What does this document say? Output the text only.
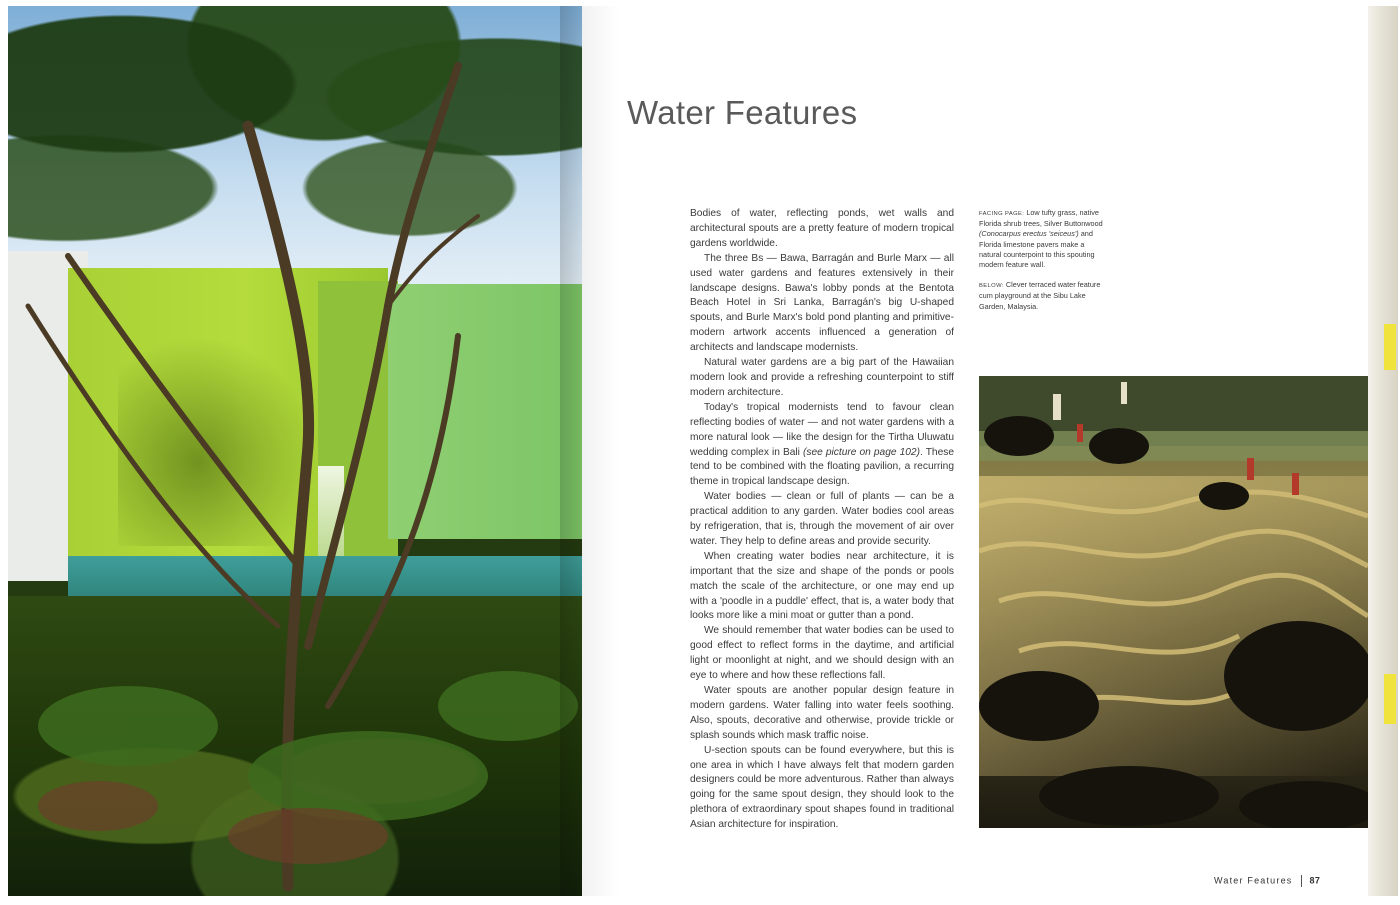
Water Features

Bodies of water, reflecting ponds, wet walls and architectural spouts are a pretty feature of modern tropical gardens worldwide.

The three Bs — Bawa, Barragán and Burle Marx — all used water gardens and features extensively in their landscape designs. Bawa's lobby ponds at the Bentota Beach Hotel in Sri Lanka, Barragán's big U-shaped spouts, and Burle Marx's bold pond planting and primitive-modern artwork accents influenced a generation of architects and landscape modernists.

Natural water gardens are a big part of the Hawaiian modern look and provide a refreshing counterpoint to stiff modern architecture.

Today's tropical modernists tend to favour clean reflecting bodies of water — and not water gardens with a more natural look — like the design for the Tirtha Uluwatu wedding complex in Bali (see picture on page 102). These tend to be combined with the floating pavilion, a recurring theme in tropical landscape design.

Water bodies — clean or full of plants — can be a practical addition to any garden. Water bodies cool areas by refrigeration, that is, through the movement of air over water. They help to define areas and provide security.

When creating water bodies near architecture, it is important that the size and shape of the ponds or pools match the scale of the architecture, or one may end up with a 'poodle in a puddle' effect, that is, a water body that looks more like a mini moat or gutter than a pond.

We should remember that water bodies can be used to good effect to reflect forms in the daytime, and artificial light or moonlight at night, and we should design with an eye to where and how these reflections fall.

Water spouts are another popular design feature in modern gardens. Water falling into water feels soothing. Also, spouts, decorative and otherwise, provide trickle or splash sounds which mask traffic noise.

U-section spouts can be found everywhere, but this is one area in which I have always felt that modern garden designers could be more adventurous. Rather than always going for the same spout design, they should look to the plethora of extraordinary spout shapes found in traditional Asian architecture for inspiration.

FACING PAGE: Low tufty grass, native Florida shrub trees, Silver Buttonwood (Conocarpus erectus 'seiceus') and Florida limestone pavers make a natural counterpoint to this spouting modern feature wall.

BELOW: Clever terraced water feature cum playground at the Sibu Lake Garden, Malaysia.

Water Features 87
